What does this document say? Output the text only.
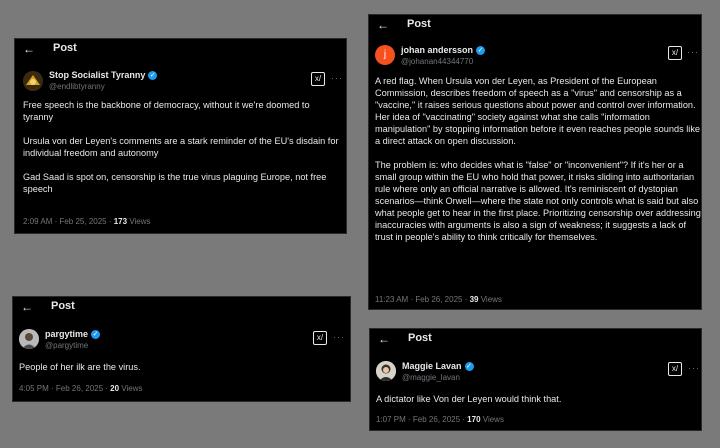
← Post
Stop Socialist Tyranny ✓
@endlibtyranny
x/	···

Free speech is the backbone of democracy, without it we're doomed to tyranny

Ursula von der Leyen's comments are a stark reminder of the EU's disdain for individual freedom and autonomy

Gad Saad is spot on, censorship is the true virus plaguing Europe, not free speech

2:09 AM · Feb 25, 2025 · 173 Views
← Post
j	johan andersson ✓
@johanan44344770
x/ ···

A red flag. When Ursula von der Leyen, as President of the European Commission, describes freedom of speech as a "virus" and censorship as a "vaccine," it raises serious questions about power and control over information. Her idea of "vaccinating" society against what she calls "information manipulation" by stopping information before it even reaches people sounds like a direct attack on open discussion.

The problem is: who decides what is "false" or "inconvenient"? If it's her or a small group within the EU who hold that power, it risks sliding into authoritarian rule where only an official narrative is allowed. It's reminiscent of dystopian scenarios—think Orwell—where the state not only controls what is said but also what people get to hear in the first place. Prioritizing censorship over addressing inaccuracies with arguments is also a sign of weakness; it suggests a lack of trust in people's ability to think critically for themselves.

11:23 AM · Feb 26, 2025 · 39 Views
← Post
pargytime ✓
@pargytime
x/	···

People of her ilk are the virus.

4:05 PM · Feb 26, 2025 · 20 Views
← Post
Maggie Lavan ✓
@maggie_lavan
x/	···

A dictator like Von der Leyen would think that.

1:07 PM · Feb 26, 2025 · 170 Views
